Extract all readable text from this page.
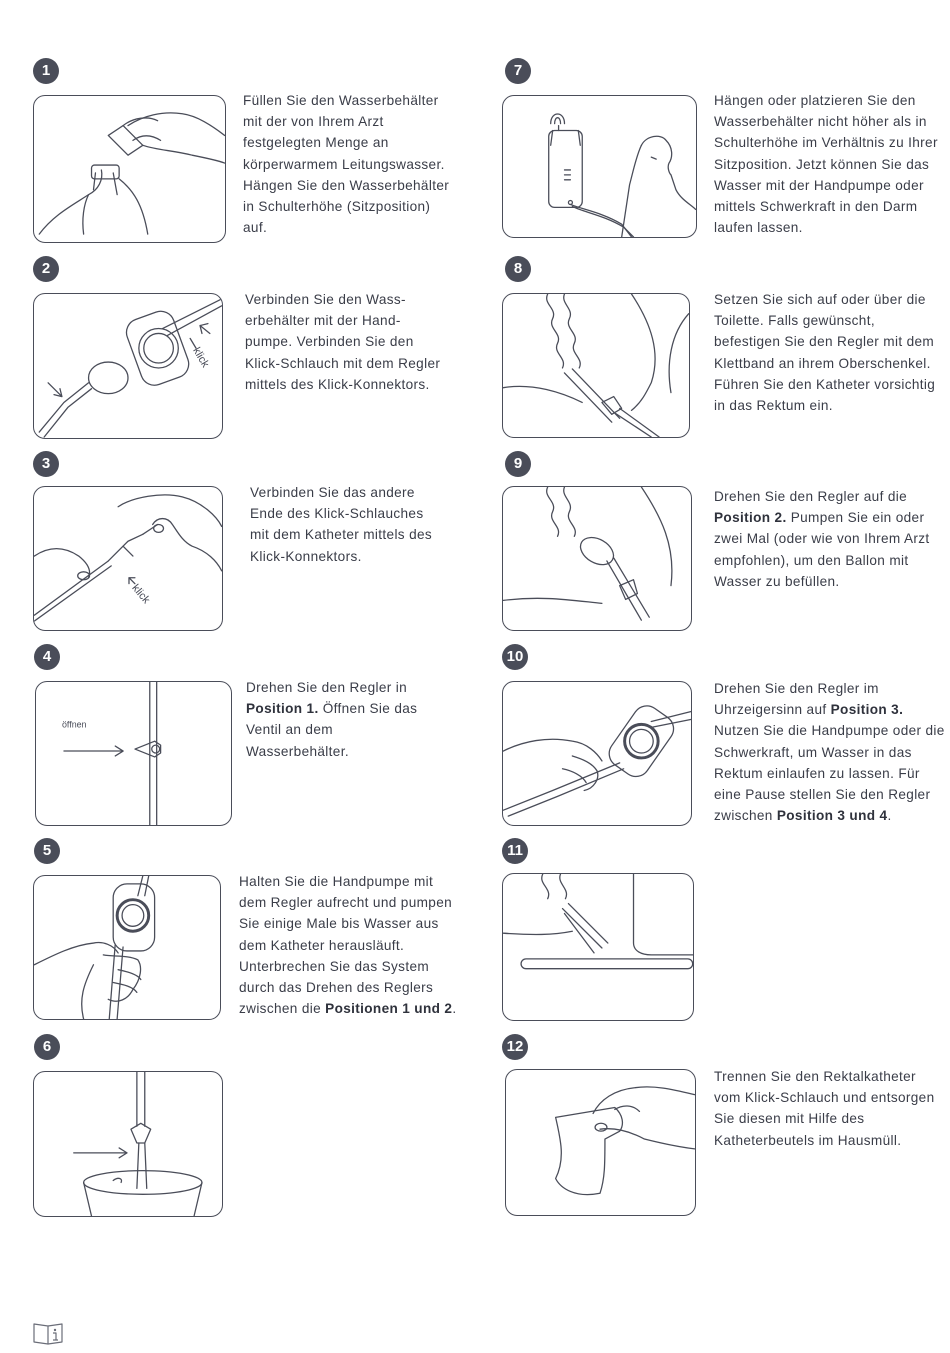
1
Füllen Sie den Wasserbehälter mit der von Ihrem Arzt festgelegten Menge an körperwarmem Leitungswasser. Hängen Sie den Wasserbehälter in Schulterhöhe (Sitzposition) auf.
2
klick
Verbinden Sie den Wass-erbehälter mit der Hand-pumpe. Verbinden Sie den Klick-Schlauch mit dem Regler mittels des Klick-Konnektors.
3
klick
Verbinden Sie das andere Ende des Klick-Schlauches mit dem Katheter mittels des Klick-Konnektors.
4
öffnen
Drehen Sie den Regler in Position 1. Öffnen Sie das Ventil an dem Wasserbehälter.
5
Halten Sie die Handpumpe mit dem Regler aufrecht und pumpen Sie einige Male bis Wasser aus dem Katheter herausläuft. Unterbrechen Sie das System durch das Drehen des Reglers zwischen die Positionen 1 und 2.
6
7
Hängen oder platzieren Sie den Wasserbehälter nicht höher als in Schulterhöhe im Verhältnis zu Ihrer Sitzposition. Jetzt können Sie das Wasser mit der Handpumpe oder mittels Schwerkraft in den Darm laufen lassen.
8
Setzen Sie sich auf oder über die Toilette. Falls gewünscht, befestigen Sie den Regler mit dem Klettband an ihrem Oberschenkel. Führen Sie den Katheter vorsichtig in das Rektum ein.
9
Drehen Sie den Regler auf die Position 2. Pumpen Sie ein oder zwei Mal (oder wie von Ihrem Arzt empfohlen), um den Ballon mit Wasser zu befüllen.
10
Drehen Sie den Regler im Uhrzeigersinn auf Position 3. Nutzen Sie die Handpumpe oder die Schwerkraft, um Wasser in das Rektum einlaufen zu lassen. Für eine Pause stellen Sie den Regler zwischen Position 3 und 4.
11
12
Trennen Sie den Rektalkatheter vom Klick-Schlauch und entsorgen Sie diesen mit Hilfe des Katheterbeutels im Hausmüll.
